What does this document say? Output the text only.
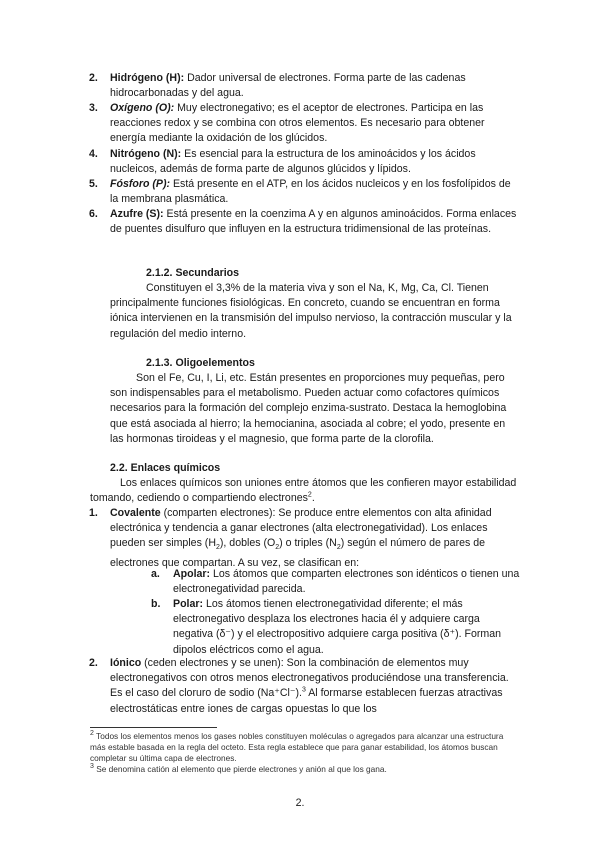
2. Hidrógeno (H): Dador universal de electrones. Forma parte de las cadenas hidrocarbonadas y del agua.
3. Oxígeno (O): Muy electronegativo; es el aceptor de electrones. Participa en las reacciones redox y se combina con otros elementos. Es necesario para obtener energía mediante la oxidación de los glúcidos.
4. Nitrógeno (N): Es esencial para la estructura de los aminoácidos y los ácidos nucleicos, además de forma parte de algunos glúcidos y lípidos.
5. Fósforo (P): Está presente en el ATP, en los ácidos nucleicos y en los fosfolípidos de la membrana plasmática.
6. Azufre (S): Está presente en la coenzima A y en algunos aminoácidos. Forma enlaces de puentes disulfuro que influyen en la estructura tridimensional de las proteínas.
2.1.2. Secundarios
Constituyen el 3,3% de la materia viva y son el Na, K, Mg, Ca, Cl. Tienen principalmente funciones fisiológicas. En concreto, cuando se encuentran en forma iónica intervienen en la transmisión del impulso nervioso, la contracción muscular y la regulación del medio interno.
2.1.3. Oligoelementos
Son el Fe, Cu, I, Li, etc. Están presentes en proporciones muy pequeñas, pero son indispensables para el metabolismo. Pueden actuar como cofactores químicos necesarios para la formación del complejo enzima-sustrato. Destaca la hemoglobina que está asociada al hierro; la hemocianina, asociada al cobre; el yodo, presente en las hormonas tiroideas y el magnesio, que forma parte de la clorofila.
2.2. Enlaces químicos
Los enlaces químicos son uniones entre átomos que les confieren mayor estabilidad tomando, cediendo o compartiendo electrones$^2$.
1. Covalente (comparten electrones): Se produce entre elementos con alta afinidad electrónica y tendencia a ganar electrones (alta electronegatividad). Los enlaces pueden ser simples $(H_2)$, dobles $(O_2)$ o triples $(N_2)$ según el número de pares de electrones que compartan. A su vez, se clasifican en:
a. Apolar: Los átomos que comparten electrones son idénticos o tienen una electronegatividad parecida.
b. Polar: Los átomos tienen electronegatividad diferente; el más electronegativo desplaza los electrones hacia él y adquiere carga negativa (δ⁻) y el electropositivo adquiere carga positiva (δ⁺). Forman dipolos eléctricos como el agua.
2. Iónico (ceden electrones y se unen): Son la combinación de elementos muy electronegativos con otros menos electronegativos produciéndose una transferencia. Es el caso del cloruro de sodio (Na⁺Cl⁻).$^3$ Al formarse establecen fuerzas atractivas electrostáticas entre iones de cargas opuestas lo que los
$^2$ Todos los elementos menos los gases nobles constituyen moléculas o agregados para alcanzar una estructura más estable basada en la regla del octeto. Esta regla establece que para ganar estabilidad, los átomos buscan completar su última capa de electrones.
$^3$ Se denomina catión al elemento que pierde electrones y anión al que los gana.
2.
